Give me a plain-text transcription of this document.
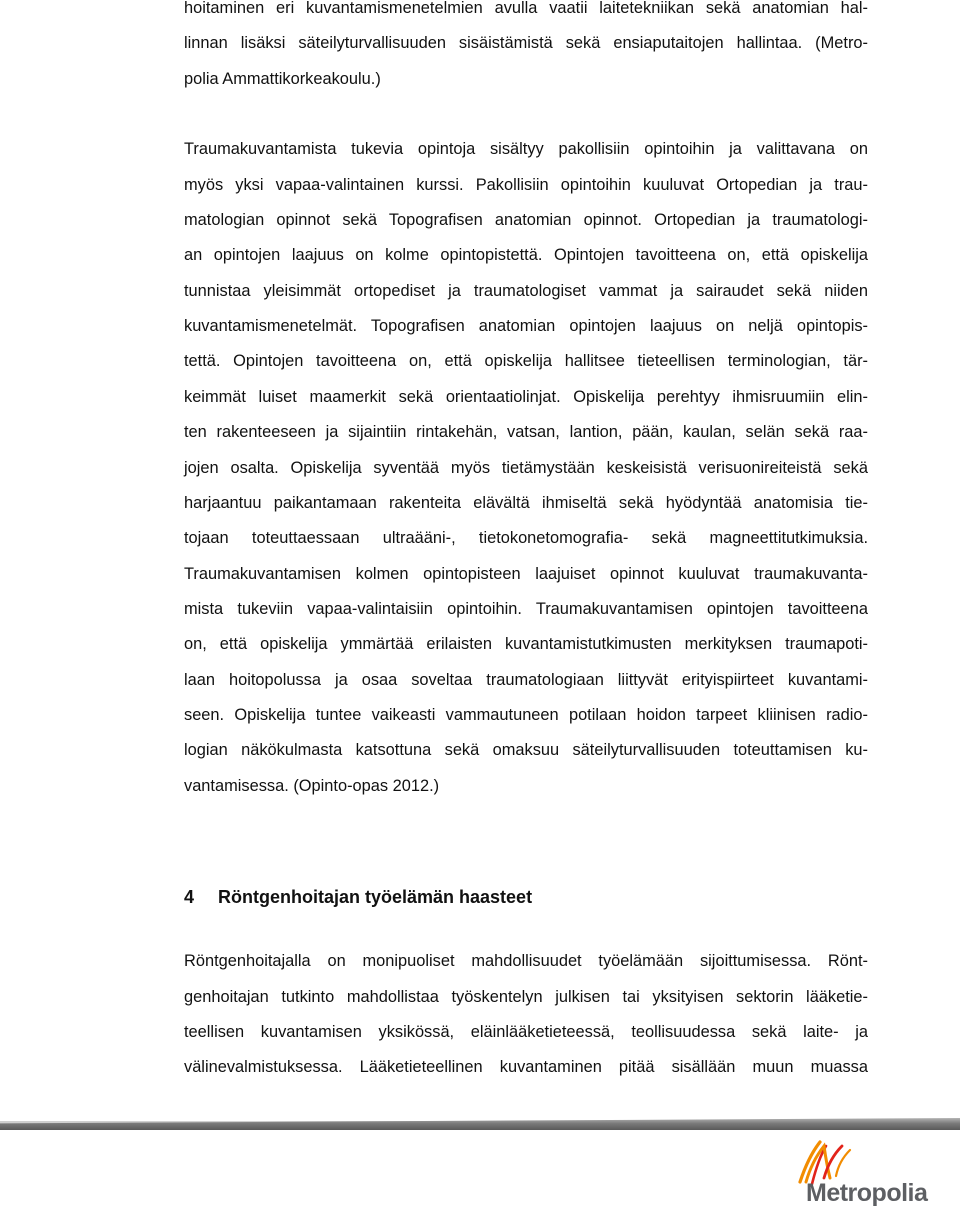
hoitaminen eri kuvantamismenetelmien avulla vaatii laitetekniikan sekä anatomian hal-
linnan lisäksi säteilyturvallisuuden sisäistämistä sekä ensiaputaitojen hallintaa. (Metro-
polia Ammattikorkeakoulu.)
Traumakuvantamista tukevia opintoja sisältyy pakollisiin opintoihin ja valittavana on
myös yksi vapaa-valintainen kurssi. Pakollisiin opintoihin kuuluvat Ortopedian ja trau-
matologian opinnot sekä Topografisen anatomian opinnot. Ortopedian ja traumatologi-
an opintojen laajuus on kolme opintopistettä. Opintojen tavoitteena on, että opiskelija
tunnistaa yleisimmät ortopediset ja traumatologiset vammat ja sairaudet sekä niiden
kuvantamismenetelmät. Topografisen anatomian opintojen laajuus on neljä opintopis-
tettä. Opintojen tavoitteena on, että opiskelija hallitsee tieteellisen terminologian, tär-
keimmät luiset maamerkit sekä orientaatiolinjat. Opiskelija perehtyy ihmisruumiin elin-
ten rakenteeseen ja sijaintiin rintakehän, vatsan, lantion, pään, kaulan, selän sekä raa-
jojen osalta. Opiskelija syventää myös tietämystään keskeisistä verisuonireiteistä sekä
harjaantuu paikantamaan rakenteita elävältä ihmiseltä sekä hyödyntää anatomisia tie-
tojaan toteuttaessaan ultraääni-, tietokonetomografia- sekä magneettitutkimuksia.
Traumakuvantamisen kolmen opintopisteen laajuiset opinnot kuuluvat traumakuvanta-
mista tukeviin vapaa-valintaisiin opintoihin. Traumakuvantamisen opintojen tavoitteena
on, että opiskelija ymmärtää erilaisten kuvantamistutkimusten merkityksen traumapoti-
laan hoitopolussa ja osaa soveltaa traumatologiaan liittyvät erityispiirteet kuvantami-
seen. Opiskelija tuntee vaikeasti vammautuneen potilaan hoidon tarpeet kliinisen radio-
logian näkökulmasta katsottuna sekä omaksuu säteilyturvallisuuden toteuttamisen ku-
vantamisessa. (Opinto-opas 2012.)
4 Röntgenhoitajan työelämän haasteet
Röntgenhoitajalla on monipuoliset mahdollisuudet työelämään sijoittumisessa. Rönt-
genhoitajan tutkinto mahdollistaa työskentelyn julkisen tai yksityisen sektorin lääketie-
teellisen kuvantamisen yksikössä, eläinlääketieteessä, teollisuudessa sekä laite- ja
välinevalmistuksessa. Lääketieteellinen kuvantaminen pitää sisällään muun muassa
Metropolia
